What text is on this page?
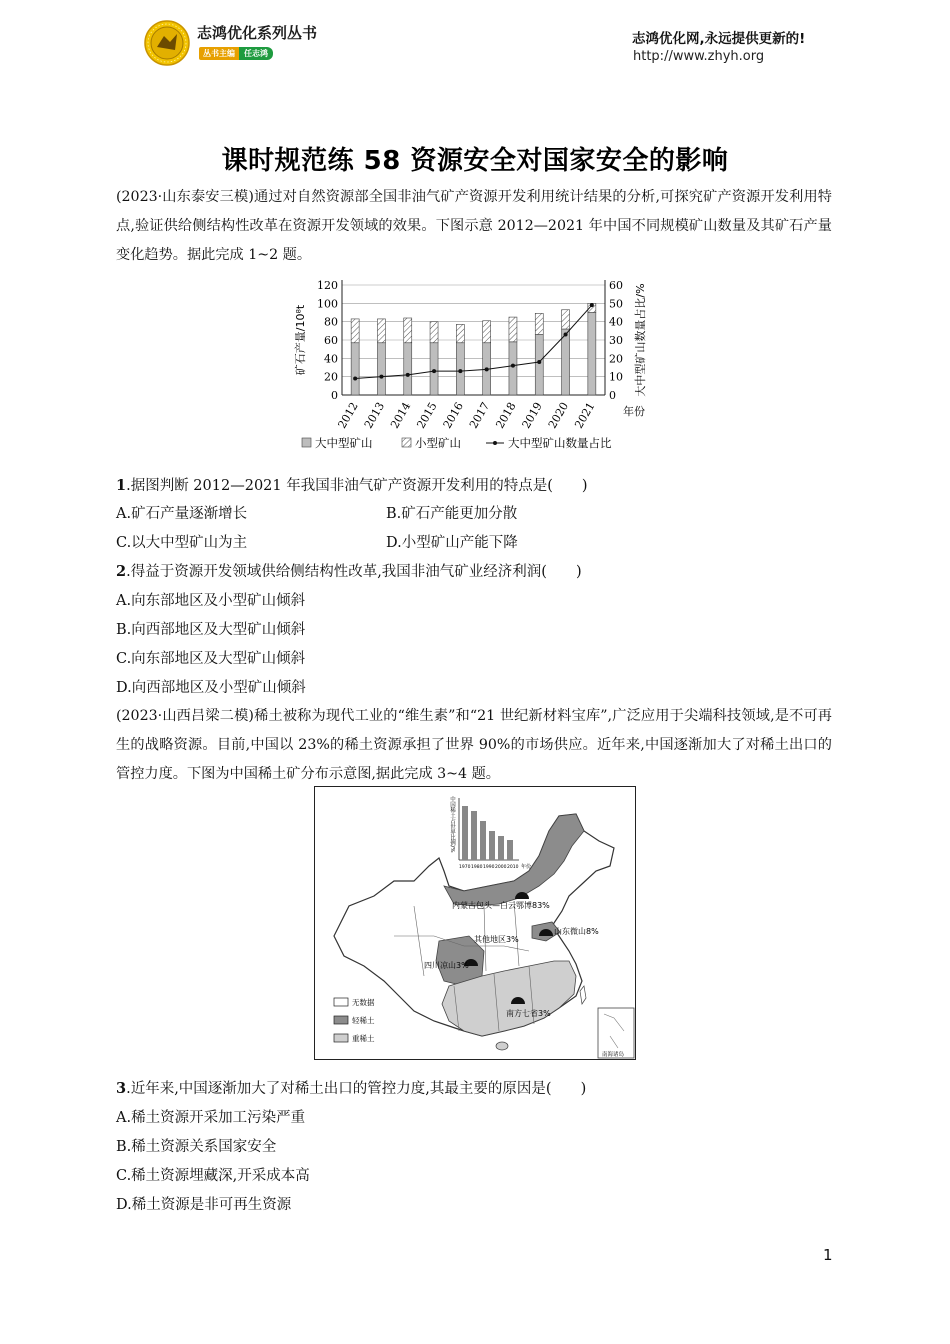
志鸿优化系列丛书
丛书主编	任志鸿
志鸿优化网,永远提供更新的!
http://www.zhyh.org
课时规范练 58 资源安全对国家安全的影响

(2023·山东泰安三模)通过对自然资源部全国非油气矿产资源开发利用统计结果的分析,可探究矿产资源开发利用特点,验证供给侧结构性改革在资源开发领域的效果。下图示意 2012—2021 年中国不同规模矿山数量及其矿石产量变化趋势。据此完成 1~2 题。

0
20
40
60
80
100
120
0
10
20
30
40
50
60
2012 2013 2014 2015 2016 2017 2018 2019 2020 2021
矿石产量/10⁸t	大中型矿山数量占比/%
年份
大中型矿山	小型矿山	大中型矿山数量占比
1.据图判断 2012—2021 年我国非油气矿产资源开发利用的特点是(　　)
A.矿石产量逐渐增长	B.矿石产能更加分散
C.以大中型矿山为主	D.小型矿山产能下降
2.得益于资源开发领域供给侧结构性改革,我国非油气矿业经济利润(　　)
A.向东部地区及小型矿山倾斜
B.向西部地区及大型矿山倾斜
C.向东部地区及大型矿山倾斜
D.向西部地区及小型矿山倾斜

(2023·山西吕梁二模)稀土被称为现代工业的“维生素”和“21 世纪新材料宝库”,广泛应用于尖端科技领域,是不可再生的战略资源。目前,中国以 23%的稀土资源承担了世界 90%的市场供应。近年来,中国逐渐加大了对稀土出口的管控力度。下图为中国稀土矿分布示意图,据此完成 3~4 题。

南海诸岛
内蒙古包头—白云鄂博83%
其他地区3%
山东微山8%
四川凉山3%
南方七省3%
中国稀土占世界比例/%
1970 1980 1990 2000 2010 年份
无数据
轻稀土
重稀土
3.近年来,中国逐渐加大了对稀土出口的管控力度,其最主要的原因是(　　)
A.稀土资源开采加工污染严重
B.稀土资源关系国家安全
C.稀土资源埋藏深,开采成本高
D.稀土资源是非可再生资源
1
